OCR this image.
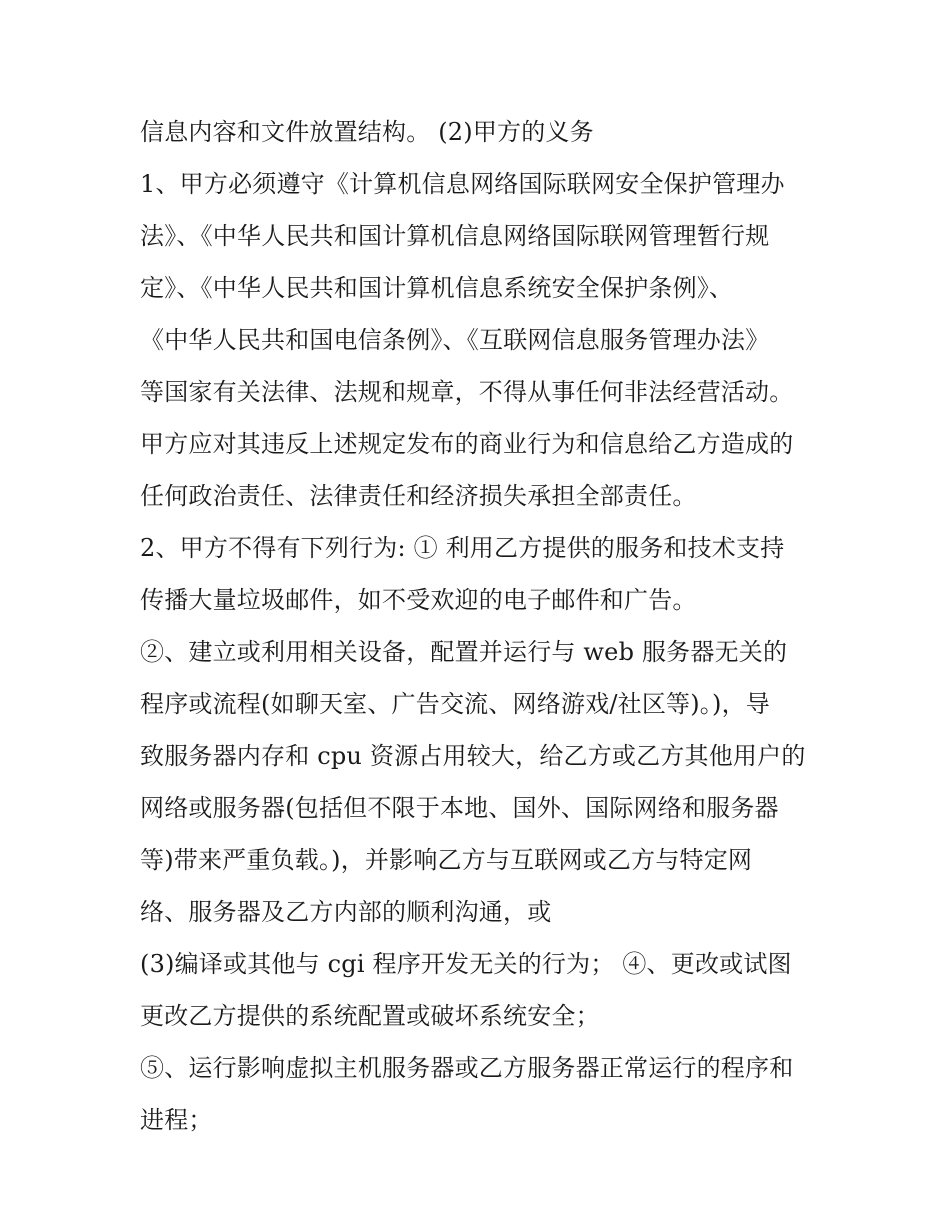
信息内容和文件放置结构。 (2)甲方的义务
1、甲方必须遵守《计算机信息网络国际联网安全保护管理办
法》、《中华人民共和国计算机信息网络国际联网管理暂行规
定》、《中华人民共和国计算机信息系统安全保护条例》、
《中华人民共和国电信条例》、《互联网信息服务管理办法》
等国家有关法律、法规和规章，不得从事任何非法经营活动。
甲方应对其违反上述规定发布的商业行为和信息给乙方造成的
任何政治责任、法律责任和经济损失承担全部责任。
2、甲方不得有下列行为: ① 利用乙方提供的服务和技术支持
传播大量垃圾邮件，如不受欢迎的电子邮件和广告。
②、建立或利用相关设备，配置并运行与 web 服务器无关的
程序或流程(如聊天室、广告交流、网络游戏/社区等)。)，导
致服务器内存和 cpu 资源占用较大，给乙方或乙方其他用户的
网络或服务器(包括但不限于本地、国外、国际网络和服务器
等)带来严重负载。)，并影响乙方与互联网或乙方与特定网
络、服务器及乙方内部的顺利沟通，或
(3)编译或其他与 cgi 程序开发无关的行为； ④、更改或试图
更改乙方提供的系统配置或破坏系统安全；
⑤、运行影响虚拟主机服务器或乙方服务器正常运行的程序和
进程；
